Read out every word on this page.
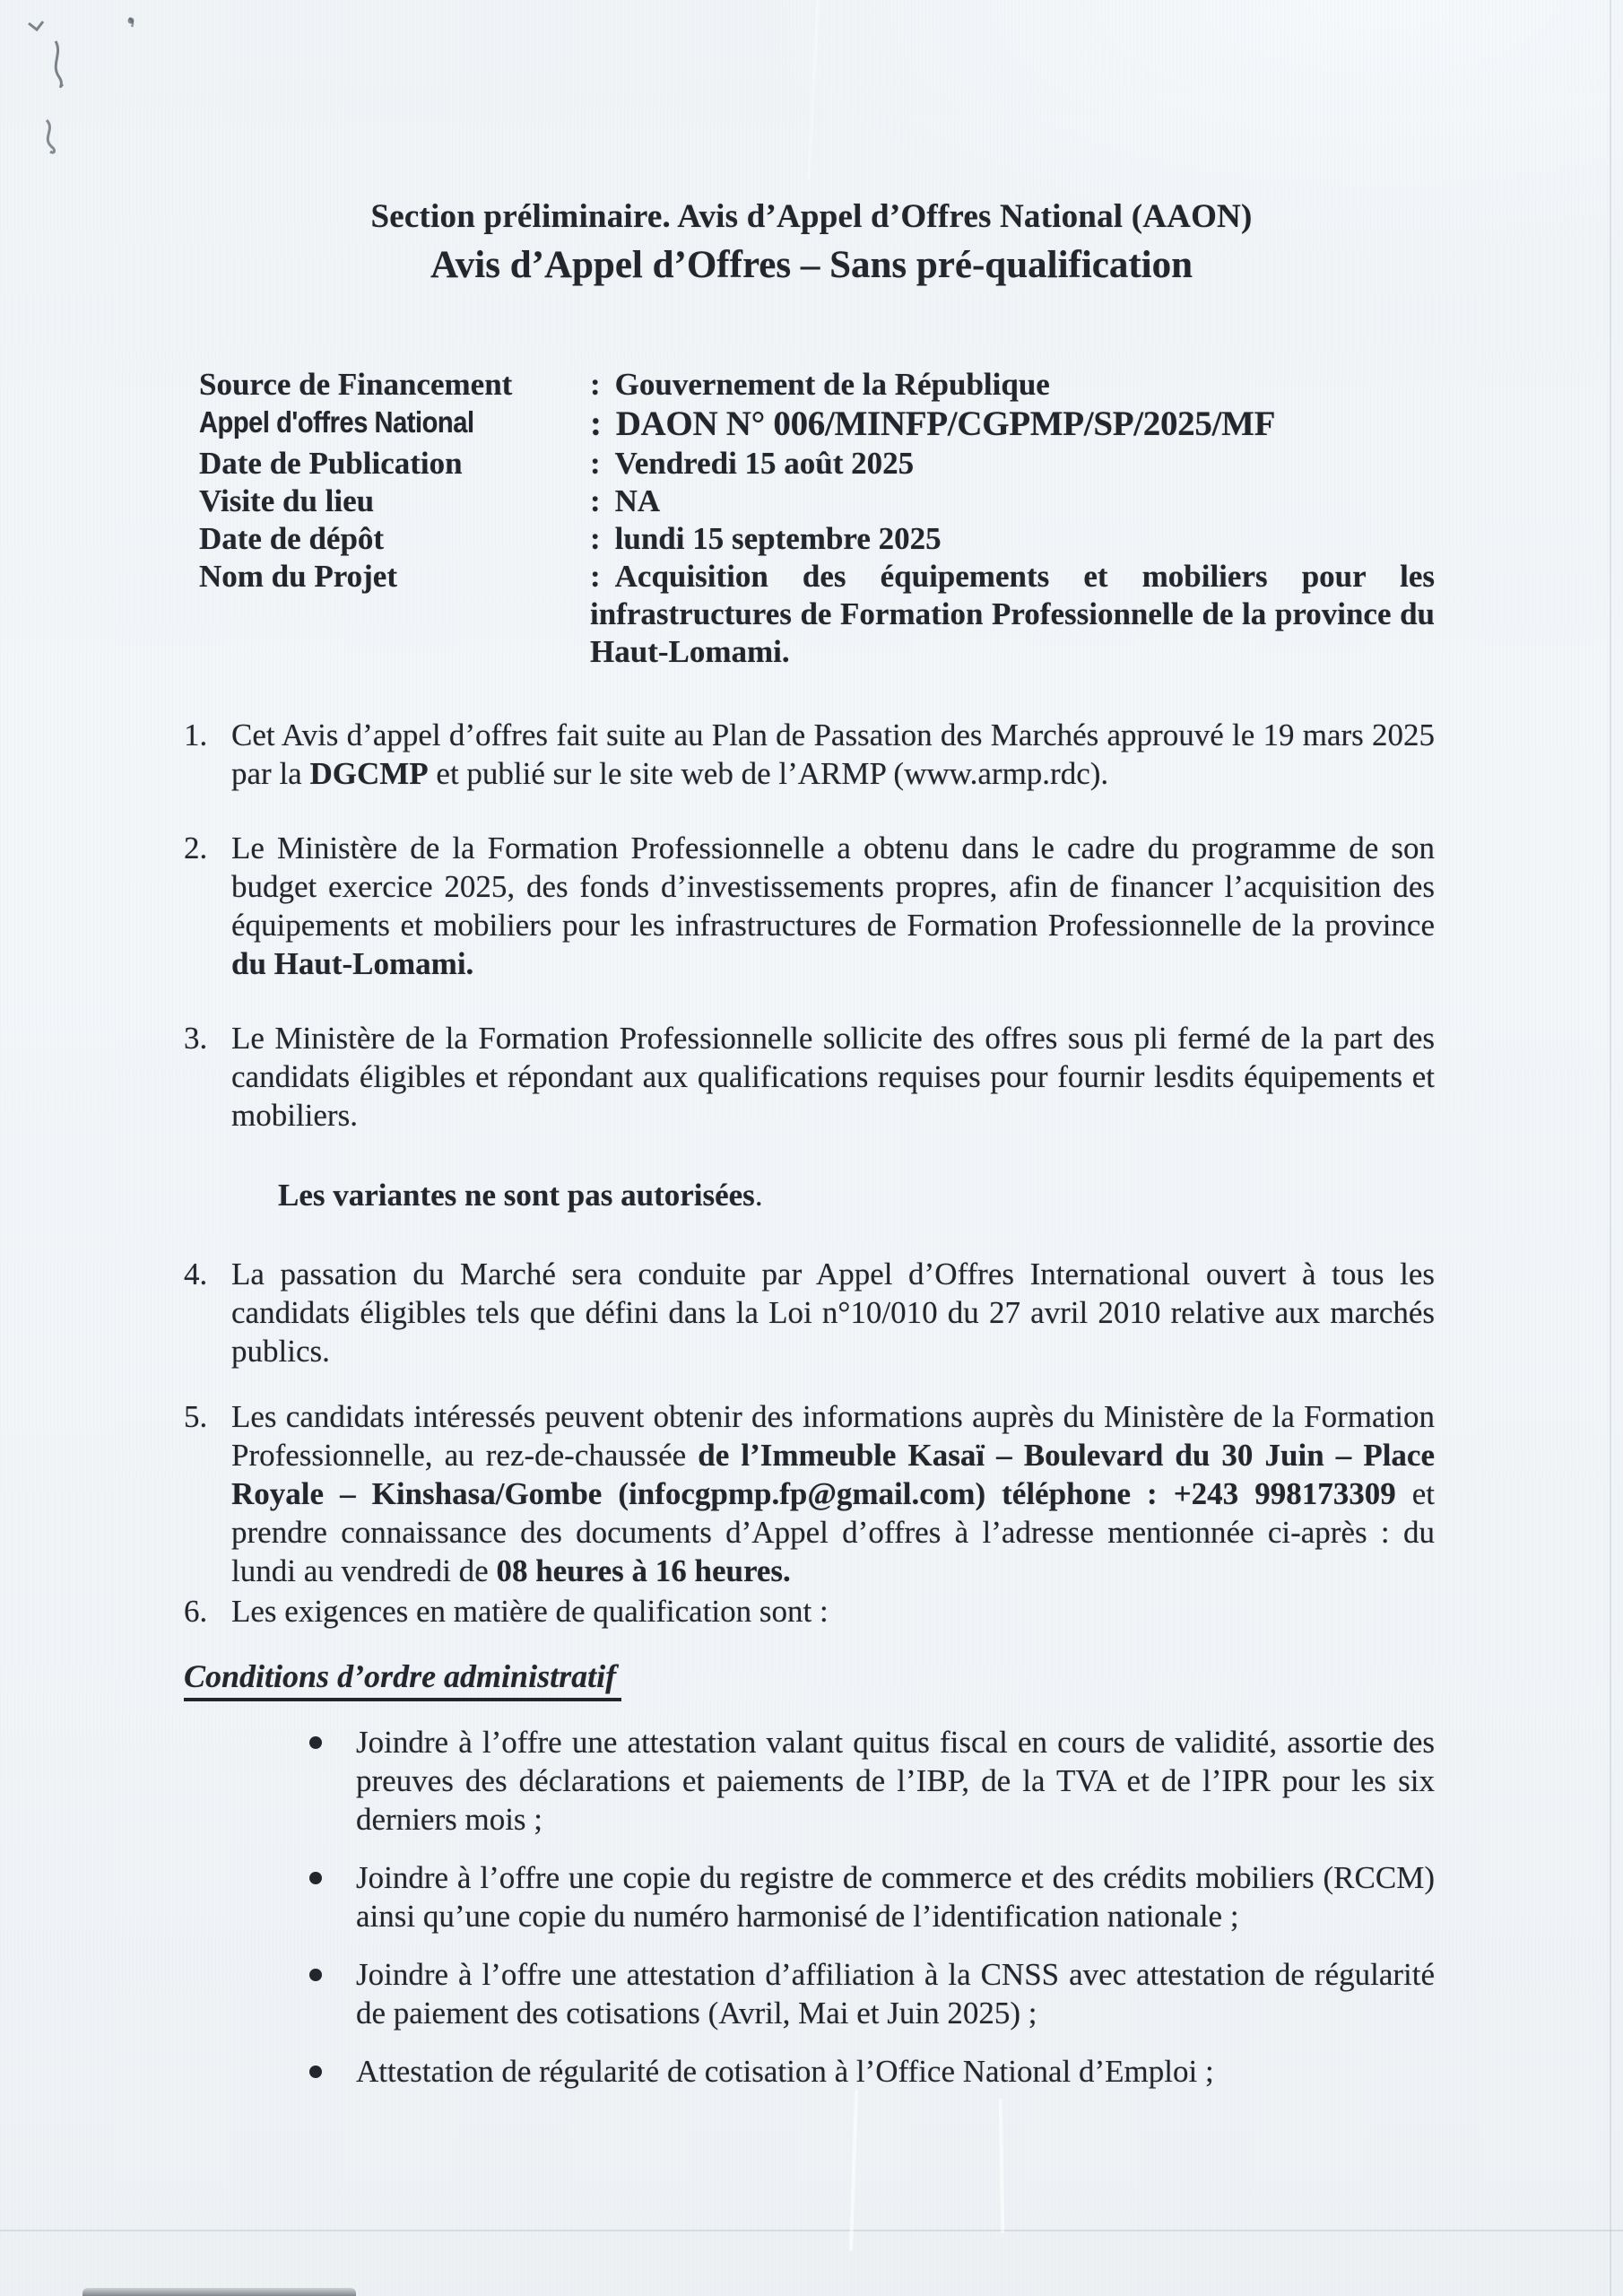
Section préliminaire. Avis d’Appel d’Offres National (AAON)
Avis d’Appel d’Offres – Sans pré-qualification
Source de Financement	: Gouvernement de la République
Appel d'offres National	: DAON N° 006/MINFP/CGPMP/SP/2025/MF
Date de Publication	: Vendredi 15 août 2025
Visite du lieu	: NA
Date de dépôt	: lundi 15 septembre 2025
Nom du Projet	: Acquisition des équipements et mobiliers pour les infrastructures de Formation Professionnelle de la province du Haut-Lomami.
1. Cet Avis d’appel d’offres fait suite au Plan de Passation des Marchés approuvé le 19 mars 2025 par la DGCMP et publié sur le site web de l’ARMP (www.armp.rdc).
2. Le Ministère de la Formation Professionnelle a obtenu dans le cadre du programme de son budget exercice 2025, des fonds d’investissements propres, afin de financer l’acquisition des équipements et mobiliers pour les infrastructures de Formation Professionnelle de la province du Haut-Lomami.
3. Le Ministère de la Formation Professionnelle sollicite des offres sous pli fermé de la part des candidats éligibles et répondant aux qualifications requises pour fournir lesdits équipements et mobiliers.
Les variantes ne sont pas autorisées.
4. La passation du Marché sera conduite par Appel d’Offres International ouvert à tous les candidats éligibles tels que défini dans la Loi n°10/010 du 27 avril 2010 relative aux marchés publics.
5. Les candidats intéressés peuvent obtenir des informations auprès du Ministère de la Formation Professionnelle, au rez-de-chaussée de l’Immeuble Kasaï – Boulevard du 30 Juin – Place Royale – Kinshasa/Gombe (infocgpmp.fp@gmail.com) téléphone : +243 998173309 et prendre connaissance des documents d’Appel d’offres à l’adresse mentionnée ci-après : du lundi au vendredi de 08 heures à 16 heures.
6. Les exigences en matière de qualification sont :
Conditions d’ordre administratif
Joindre à l’offre une attestation valant quitus fiscal en cours de validité, assortie des preuves des déclarations et paiements de l’IBP, de la TVA et de l’IPR pour les six derniers mois ;
Joindre à l’offre une copie du registre de commerce et des crédits mobiliers (RCCM) ainsi qu’une copie du numéro harmonisé de l’identification nationale ;
Joindre à l’offre une attestation d’affiliation à la CNSS avec attestation de régularité de paiement des cotisations (Avril, Mai et Juin 2025) ;
Attestation de régularité de cotisation à l’Office National d’Emploi ;
